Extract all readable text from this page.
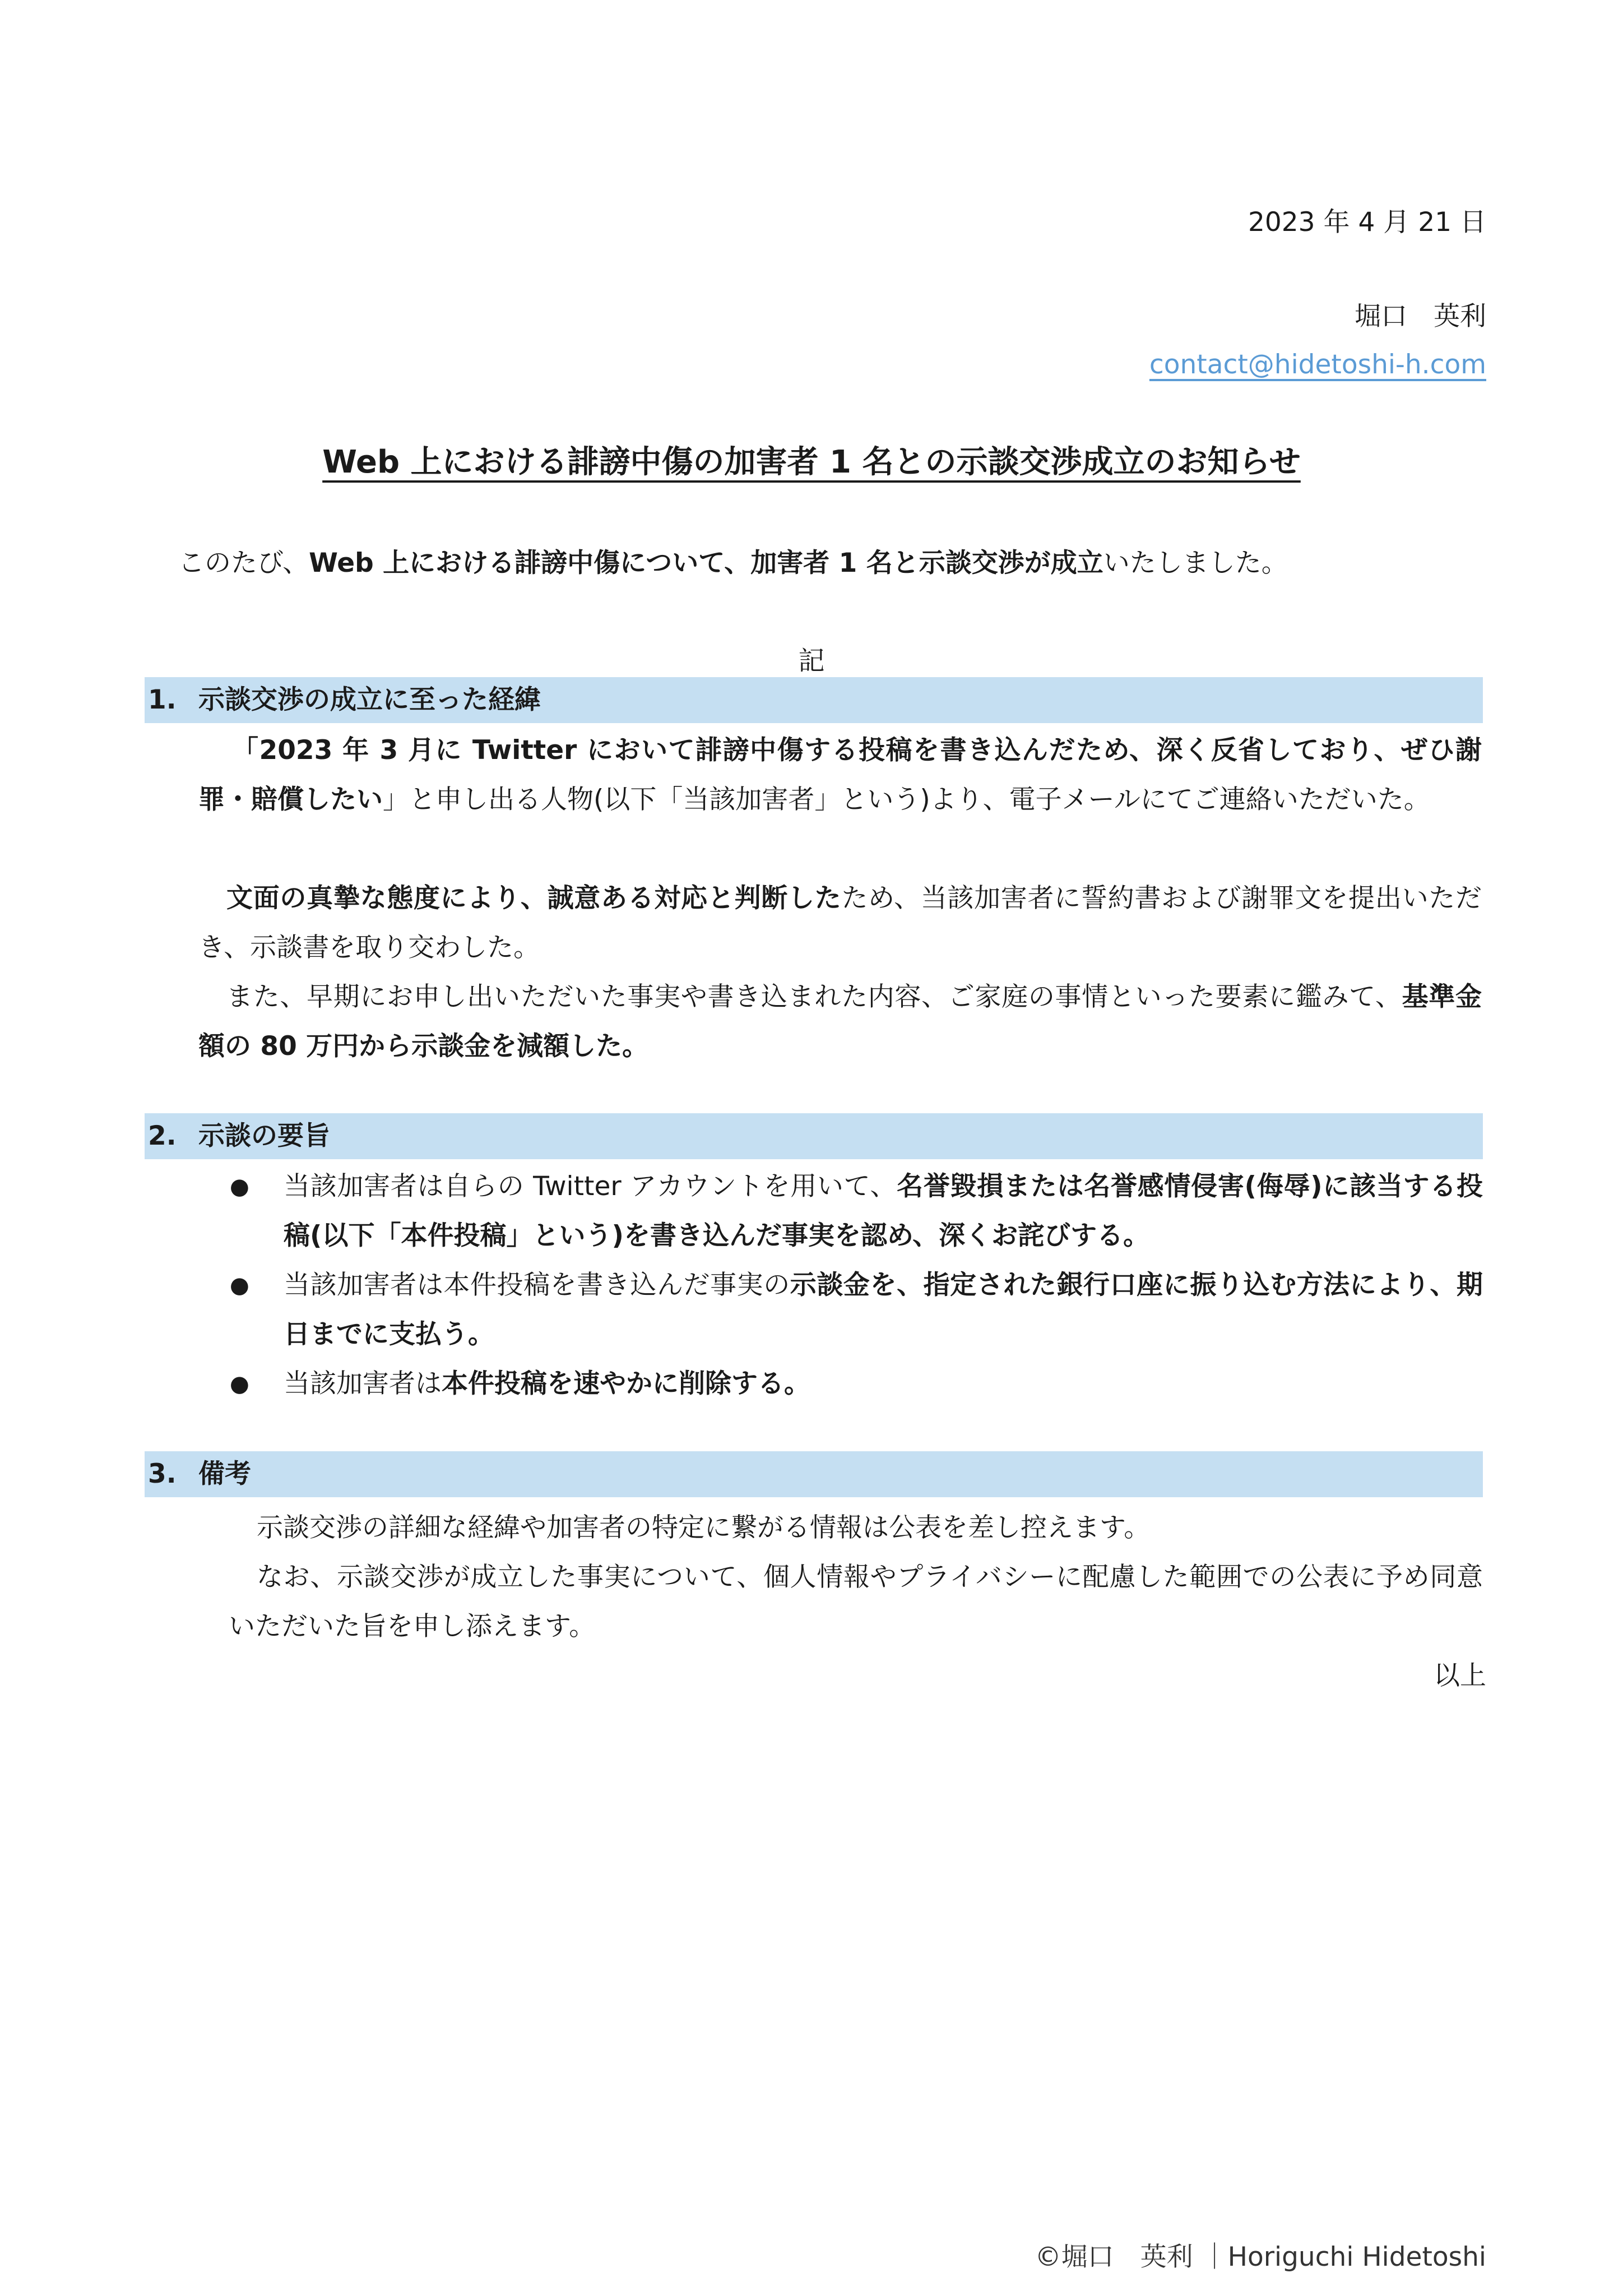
2023 年 4 月 21 日
堀口　英利
contact@hidetoshi-h.com
Web 上における誹謗中傷の加害者 1 名との示談交渉成立のお知らせ
このたび、Web 上における誹謗中傷について、加害者 1 名と示談交渉が成立いたしました。
記
1. 示談交渉の成立に至った経緯
「2023 年 3 月に Twitter において誹謗中傷する投稿を書き込んだため、深く反省しており、ぜひ謝罪・賠償したい」と申し出る人物(以下「当該加害者」という)より、電子メールにてご連絡いただいた。
文面の真摯な態度により、誠意ある対応と判断したため、当該加害者に誓約書および謝罪文を提出いただき、示談書を取り交わした。
また、早期にお申し出いただいた事実や書き込まれた内容、ご家庭の事情といった要素に鑑みて、基準金額の 80 万円から示談金を減額した。
2. 示談の要旨
● 当該加害者は自らの Twitter アカウントを用いて、名誉毀損または名誉感情侵害(侮辱)に該当する投稿(以下「本件投稿」という)を書き込んだ事実を認め、深くお詫びする。
● 当該加害者は本件投稿を書き込んだ事実の示談金を、指定された銀行口座に振り込む方法により、期日までに支払う。
● 当該加害者は本件投稿を速やかに削除する。
3. 備考
示談交渉の詳細な経緯や加害者の特定に繋がる情報は公表を差し控えます。
なお、示談交渉が成立した事実について、個人情報やプライバシーに配慮した範囲での公表に予め同意いただいた旨を申し添えます。
以上
©堀口　英利 ｜Horiguchi Hidetoshi
